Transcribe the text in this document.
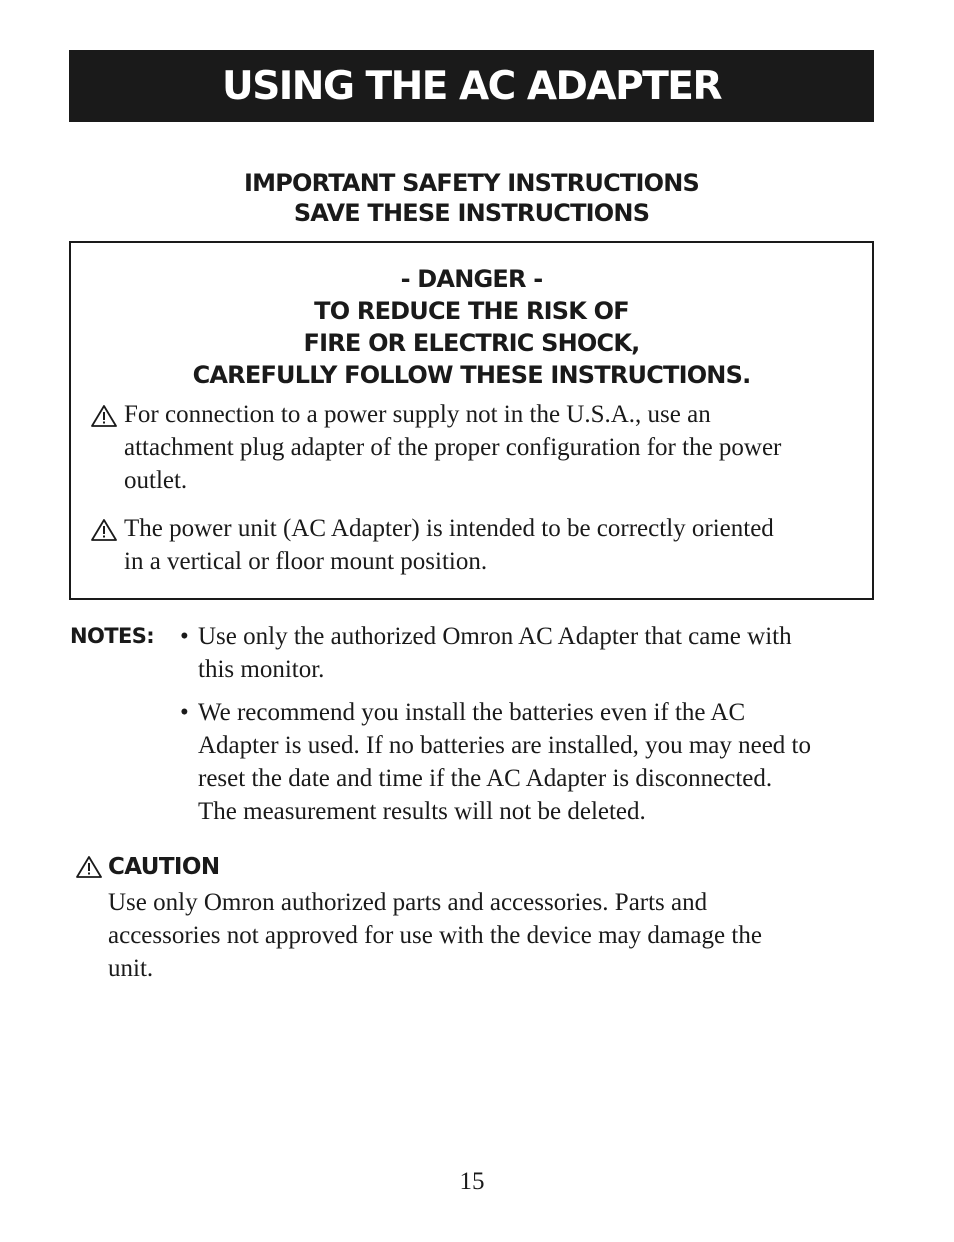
USING THE AC ADAPTER
IMPORTANT SAFETY INSTRUCTIONS
SAVE THESE INSTRUCTIONS
- DANGER -
TO REDUCE THE RISK OF
FIRE OR ELECTRIC SHOCK,
CAREFULLY FOLLOW THESE INSTRUCTIONS.
For connection to a power supply not in the U.S.A., use an
attachment plug adapter of the proper configuration for the power
outlet.
The power unit (AC Adapter) is intended to be correctly oriented
in a vertical or floor mount position.
NOTES: • Use only the authorized Omron AC Adapter that came with
this monitor.
• We recommend you install the batteries even if the AC
Adapter is used. If no batteries are installed, you may need to
reset the date and time if the AC Adapter is disconnected.
The measurement results will not be deleted.
CAUTION
Use only Omron authorized parts and accessories. Parts and
accessories not approved for use with the device may damage the
unit.
15
